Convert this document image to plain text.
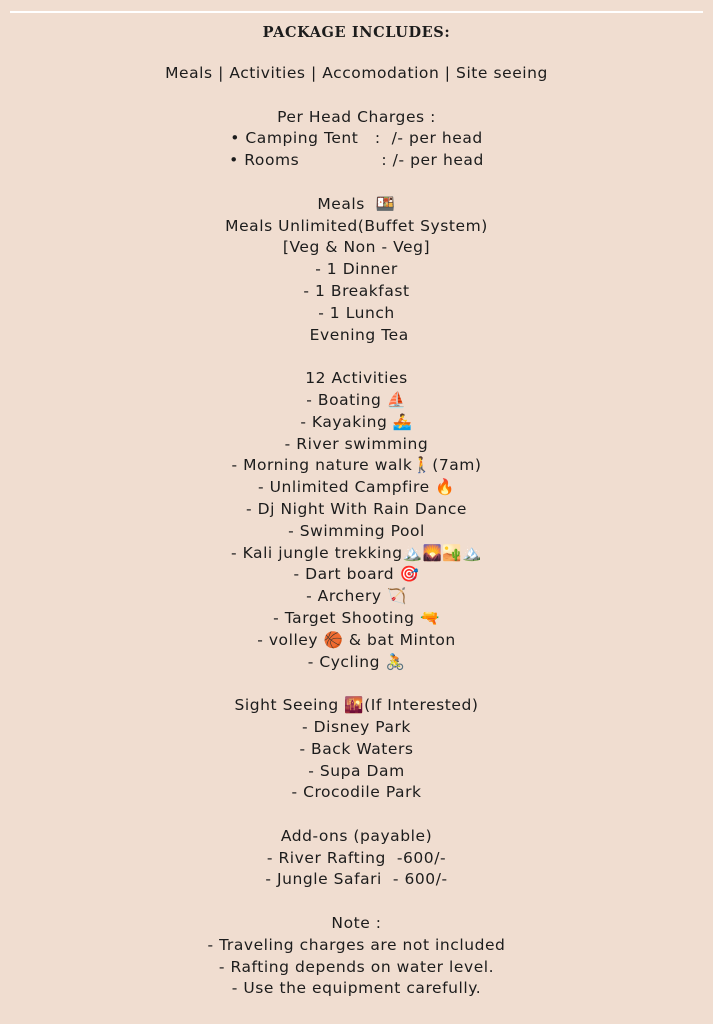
PACKAGE INCLUDES:
Meals | Activities | Accomodation | Site seeing
Per Head Charges :
• Camping Tent   :  /- per head
• Rooms               : /- per head
Meals  🍱
Meals Unlimited(Buffet System)
[Veg & Non - Veg]
- 1 Dinner
- 1 Breakfast
- 1 Lunch
Evening Tea
12 Activities
- Boating ⛵
- Kayaking 🚣
- River swimming
- Morning nature walk🚶(7am)
- Unlimited Campfire 🔥
- Dj Night With Rain Dance
- Swimming Pool
- Kali jungle trekking🏔️🌄🏜️🏔️
- Dart board 🎯
- Archery 🏹
- Target Shooting 🔫
- volley 🏀 & bat Minton
- Cycling 🚴
Sight Seeing 🌇(If Interested)
- Disney Park
- Back Waters
- Supa Dam
- Crocodile Park
Add-ons (payable)
- River Rafting  -600/-
- Jungle Safari  - 600/-
Note :
- Traveling charges are not included
- Rafting depends on water level.
- Use the equipment carefully.
